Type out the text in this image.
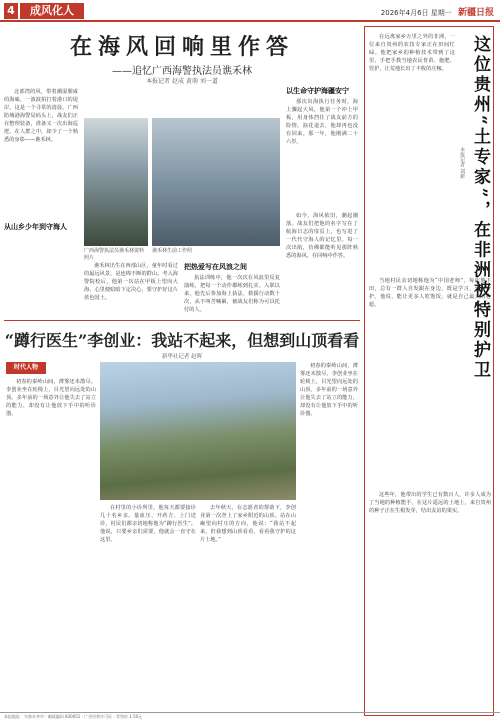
4	成风化人	2026年4月6日 星期一 新疆日报
在海风回响里作答
——追忆广西海警执法员谯禾林
本报记者 赵成 黄萌 刘一道
北部湾的风，带着潮湿腥咸的海味，一波波拍打着港口的堤岸。这是一个寻常的清晨，广西防城港海警局码头上，战友们正在整理装备，准备又一次出海巡逻。在人群之中，却少了一个熟悉的身影——谯禾林。
广西海警执法员谯禾林资料照片
谯禾林生前工作照
从山乡少年到守海人
谯禾林出生在西部山区，童年时看过的最远风景，是连绵不断的群山。考入海警院校后，他第一次站在甲板上望向大海，心里便暗暗下定决心，要守护好这片蓝色国土。
把热爱写在风浪之间
执法训练中，他一次次在风浪里反复演练，把每一个动作都练到扎实。入职以来，他先后参加海上执法、救援行动数十次，从不叫苦喊累，被战友们称为可以托付的人。
以生命守护海疆安宁
那次出海执行任务时，海上骤起大风，他第一个冲上甲板，用身体挡住了战友前方的险情。浪花退去，他却再也没有回来。那一年，他刚满二十六岁。
如今，海风依旧，潮起潮落。战友们把他的名字写在了航海日志的扉页上，也写进了一代代守海人的记忆里。每一次出航，仿佛都能听见那阵熟悉的海风，在回响中作答。
“蹲行医生”李创业：我站不起来，但想到山顶看看
新华社记者 赵晖
时代人物
初春的秦岭山间，薄雾还未散尽。李创业坐在轮椅上，目光望向远处的山顶。多年前的一场意外让他失去了站立的能力，却没有让他放下手中的听诊器。
在村里的小诊所里，他每天都要接诊几十名乡亲。量血压、开药方、上门送诊，村民们都亲切地称他为“蹲行医生”。他说，只要乡亲们需要，他就会一直守在这里。
去年秋天，在志愿者的帮助下，李创业第一次登上了家乡附近的山顶。站在山巅望向村庄的方向，他说：“我站不起来，但我想到山顶看看，看看我守护的这片土地。”
初春的秦岭山间，薄雾还未散尽。李创业坐在轮椅上，目光望向远处的山顶。多年前的一场意外让他失去了站立的能力，却没有让他放下手中的听诊器。
这位贵州“土专家”，在非洲被特别护卫
本报记者 刘新
在远离家乡万里之外的非洲，一位来自贵州的农技专家正在田间忙碌。他把家乡的种植技术带到了这里，手把手教当地农民育苗、施肥、管护，让荒地长出了丰收的庄稼。
当地村民亲切地称他为“中国老师”，每次他下田，总有一群人自发跟在身边，既是学习，也是守护。他说，能让更多人吃饱饭，就是自己最大的心愿。
这些年，他带出的学生已有数百人，许多人成为了当地的种植能手。在这片遥远的土地上，来自贵州的种子正在生根发芽，结出友谊的果实。
本报地址：乌鲁木齐市 · 邮政编码 830051 · 广告经营许可证 · 零售价 1.50元
